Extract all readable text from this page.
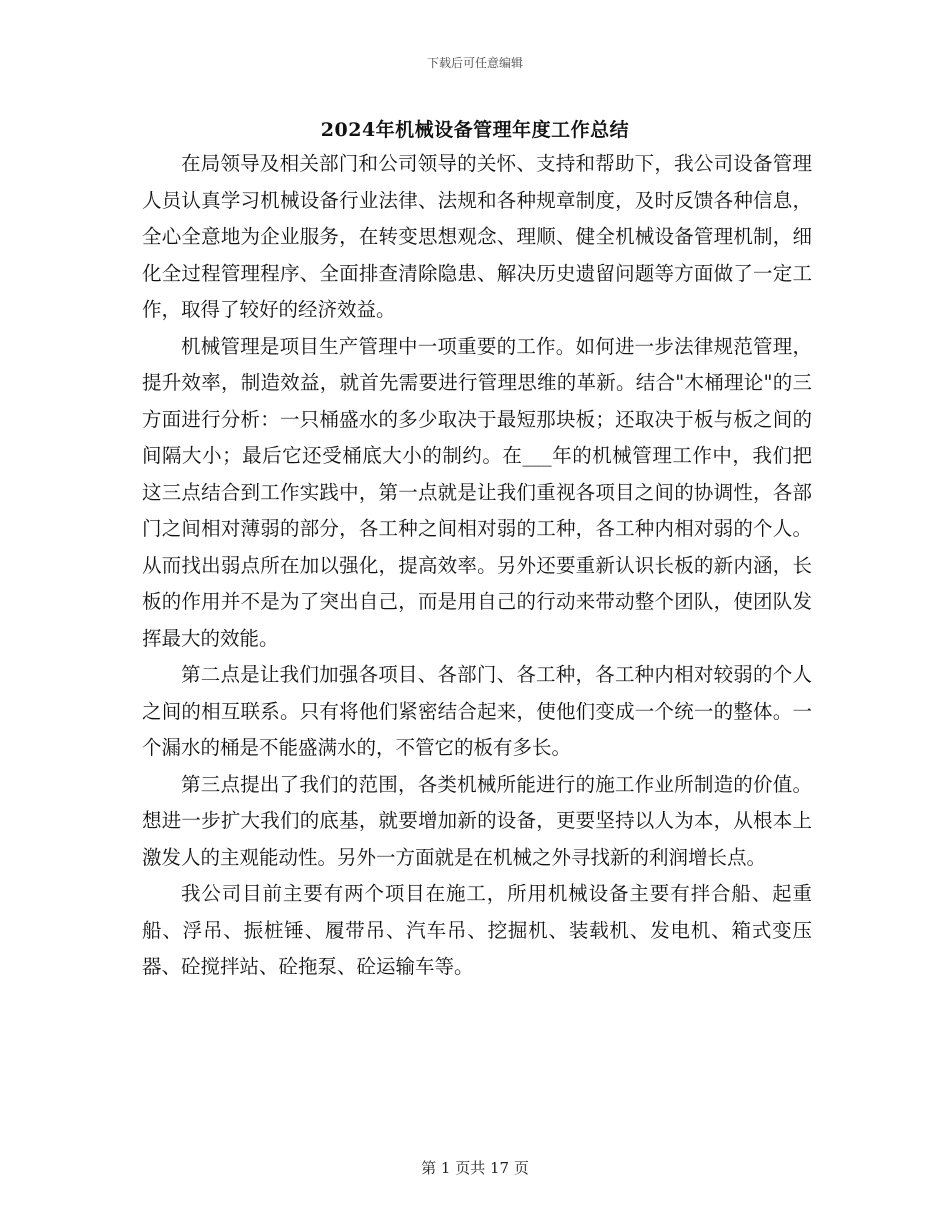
下载后可任意编辑
2024年机械设备管理年度工作总结

在局领导及相关部门和公司领导的关怀、支持和帮助下，我公司设备管理人员认真学习机械设备行业法律、法规和各种规章制度，及时反馈各种信息，全心全意地为企业服务，在转变思想观念、理顺、健全机械设备管理机制，细化全过程管理程序、全面排查清除隐患、解决历史遗留问题等方面做了一定工作，取得了较好的经济效益。

机械管理是项目生产管理中一项重要的工作。如何进一步法律规范管理，提升效率，制造效益，就首先需要进行管理思维的革新。结合"木桶理论"的三方面进行分析：一只桶盛水的多少取决于最短那块板；还取决于板与板之间的间隔大小；最后它还受桶底大小的制约。在___年的机械管理工作中，我们把这三点结合到工作实践中，第一点就是让我们重视各项目之间的协调性，各部门之间相对薄弱的部分，各工种之间相对弱的工种，各工种内相对弱的个人。从而找出弱点所在加以强化，提高效率。另外还要重新认识长板的新内涵，长板的作用并不是为了突出自己，而是用自己的行动来带动整个团队，使团队发挥最大的效能。

第二点是让我们加强各项目、各部门、各工种，各工种内相对较弱的个人之间的相互联系。只有将他们紧密结合起来，使他们变成一个统一的整体。一个漏水的桶是不能盛满水的，不管它的板有多长。

第三点提出了我们的范围，各类机械所能进行的施工作业所制造的价值。想进一步扩大我们的底基，就要增加新的设备，更要坚持以人为本，从根本上激发人的主观能动性。另外一方面就是在机械之外寻找新的利润增长点。

我公司目前主要有两个项目在施工，所用机械设备主要有拌合船、起重船、浮吊、振桩锤、履带吊、汽车吊、挖掘机、装载机、发电机、箱式变压器、砼搅拌站、砼拖泵、砼运输车等。

第 1 页共 17 页
